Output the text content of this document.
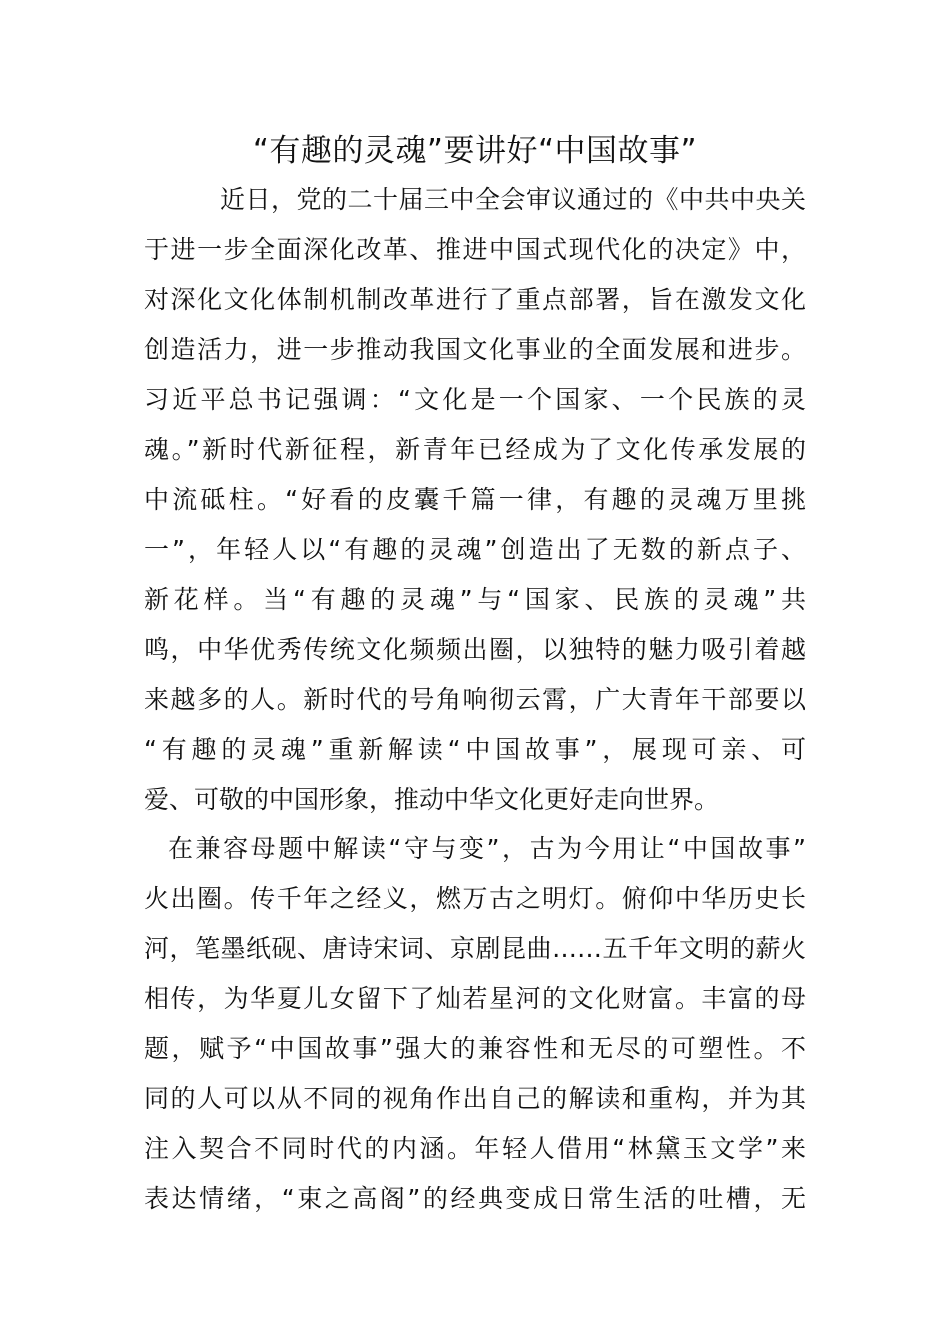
“有趣的灵魂”要讲好“中国故事”
近日，党的二十届三中全会审议通过的《中共中央关
于进一步全面深化改革、推进中国式现代化的决定》中，
对深化文化体制机制改革进行了重点部署，旨在激发文化
创造活力，进一步推动我国文化事业的全面发展和进步。
习近平总书记强调：“文化是一个国家、一个民族的灵
魂。”新时代新征程，新青年已经成为了文化传承发展的
中流砥柱。“好看的皮囊千篇一律，有趣的灵魂万里挑
一”，年轻人以“有趣的灵魂”创造出了无数的新点子、
新花样。当“有趣的灵魂”与“国家、民族的灵魂”共
鸣，中华优秀传统文化频频出圈，以独特的魅力吸引着越
来越多的人。新时代的号角响彻云霄，广大青年干部要以
“有趣的灵魂”重新解读“中国故事”，展现可亲、可
爱、可敬的中国形象，推动中华文化更好走向世界。
在兼容母题中解读“守与变”，古为今用让“中国故事”
火出圈。传千年之经义，燃万古之明灯。俯仰中华历史长
河，笔墨纸砚、唐诗宋词、京剧昆曲……五千年文明的薪火
相传，为华夏儿女留下了灿若星河的文化财富。丰富的母
题，赋予“中国故事”强大的兼容性和无尽的可塑性。不
同的人可以从不同的视角作出自己的解读和重构，并为其
注入契合不同时代的内涵。年轻人借用“林黛玉文学”来
表达情绪，“束之高阁”的经典变成日常生活的吐槽，无
